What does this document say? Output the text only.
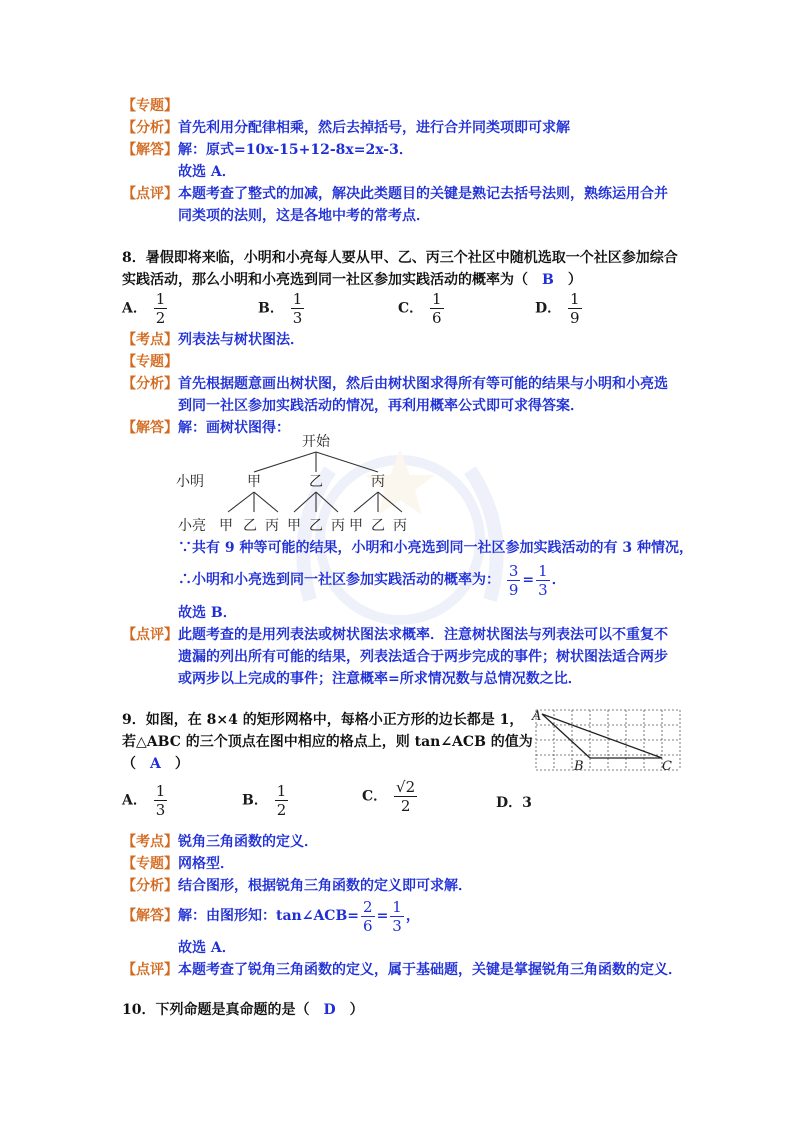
【专题】
【分析】首先利用分配律相乘，然后去掉括号，进行合并同类项即可求解
【解答】解：原式=10x-15+12-8x=2x-3．
故选 A．
【点评】本题考查了整式的加减，解决此类题目的关键是熟记去括号法则，熟练运用合并
同类项的法则，这是各地中考的常考点．
8．暑假即将来临，小明和小亮每人要从甲、乙、丙三个社区中随机选取一个社区参加综合
实践活动，那么小明和小亮选到同一社区参加实践活动的概率为（ B ）
A． $\frac{1}{2}$	B． $\frac{1}{3}$	C． $\frac{1}{6}$	D． $\frac{1}{9}$
【考点】列表法与树状图法．
【专题】
【分析】首先根据题意画出树状图，然后由树状图求得所有等可能的结果与小明和小亮选
到同一社区参加实践活动的情况，再利用概率公式即可求得答案．
【解答】解：画树状图得：
开始
小明	甲	乙	丙
小亮 甲 乙 丙 甲 乙 丙 甲 乙 丙
∵共有 9 种等可能的结果，小明和小亮选到同一社区参加实践活动的有 3 种情况，
∴小明和小亮选到同一社区参加实践活动的概率为： $\frac{3}{9} = \frac{1}{3}$ ．
故选 B．
【点评】此题考查的是用列表法或树状图法求概率．注意树状图法与列表法可以不重复不
遗漏的列出所有可能的结果，列表法适合于两步完成的事件；树状图法适合两步
或两步以上完成的事件；注意概率=所求情况数与总情况数之比．
9．如图，在 8×4 的矩形网格中，每格小正方形的边长都是 1，
若△ABC 的三个顶点在图中相应的格点上，则 tan∠ACB 的值为
（ A ）
A
B	C
A． $\frac{1}{3}$	B． $\frac{1}{2}$	C． $\frac{√2}{2}$	D．3
【考点】锐角三角函数的定义．
【专题】网格型．
【分析】结合图形，根据锐角三角函数的定义即可求解．
【解答】解：由图形知：tan∠ACB= $\frac{2}{6} = \frac{1}{3}$ ，
故选 A．
【点评】本题考查了锐角三角函数的定义，属于基础题，关键是掌握锐角三角函数的定义．
10．下列命题是真命题的是（ D ）
